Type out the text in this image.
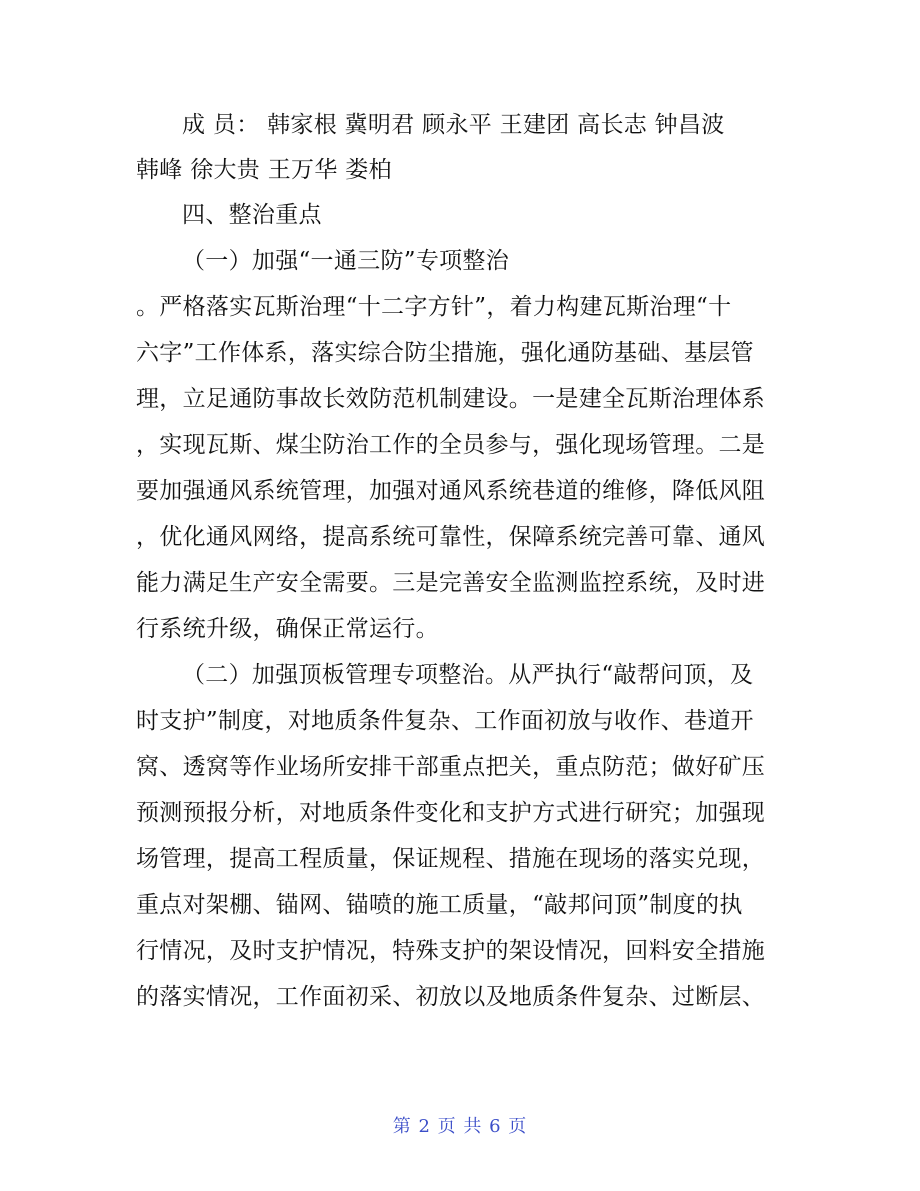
成 员： 韩家根 冀明君 顾永平 王建团 高长志 钟昌波
韩峰 徐大贵 王万华 娄柏
四、整治重点
（一）加强“一通三防”专项整治
。严格落实瓦斯治理“十二字方针”，着力构建瓦斯治理“十
六字”工作体系，落实综合防尘措施，强化通防基础、基层管
理，立足通防事故长效防范机制建设。一是建全瓦斯治理体系
，实现瓦斯、煤尘防治工作的全员参与，强化现场管理。二是
要加强通风系统管理，加强对通风系统巷道的维修，降低风阻
，优化通风网络，提高系统可靠性，保障系统完善可靠、通风
能力满足生产安全需要。三是完善安全监测监控系统，及时进
行系统升级，确保正常运行。
（二）加强顶板管理专项整治。从严执行“敲帮问顶，及
时支护”制度，对地质条件复杂、工作面初放与收作、巷道开
窝、透窝等作业场所安排干部重点把关，重点防范；做好矿压
预测预报分析，对地质条件变化和支护方式进行研究；加强现
场管理，提高工程质量，保证规程、措施在现场的落实兑现，
重点对架棚、锚网、锚喷的施工质量，“敲邦问顶”制度的执
行情况，及时支护情况，特殊支护的架设情况，回料安全措施
的落实情况，工作面初采、初放以及地质条件复杂、过断层、
第 2 页 共 6 页
